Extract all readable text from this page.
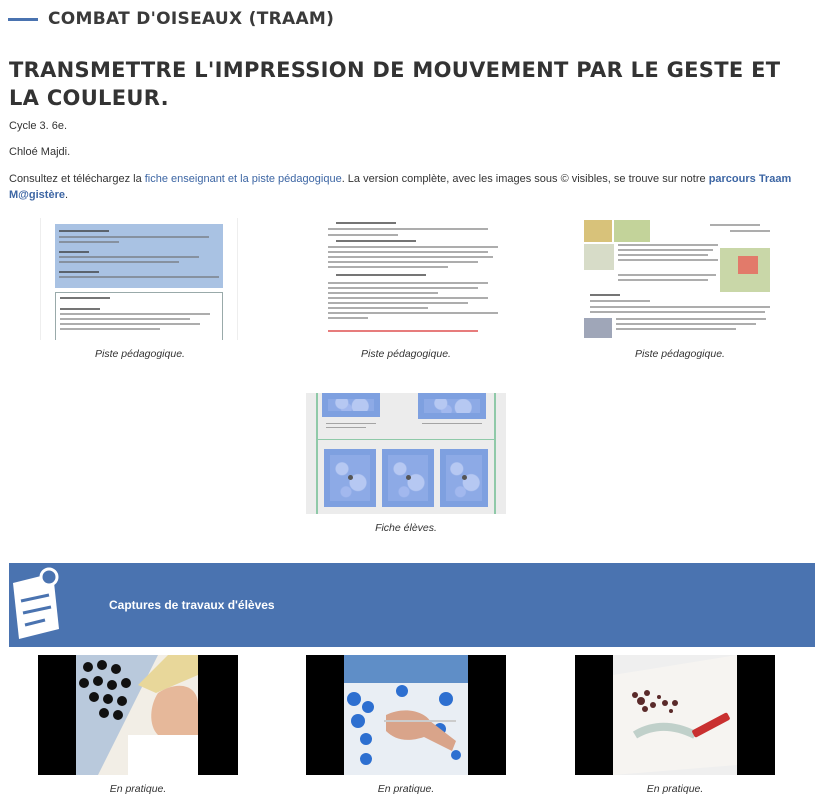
COMBAT D'OISEAUX (TRAAM)
TRANSMETTRE L'IMPRESSION DE MOUVEMENT PAR LE GESTE ET LA COULEUR.

Cycle 3. 6e.

Chloé Majdi.

Consultez et téléchargez la fiche enseignant et la piste pédagogique. La version complète, avec les images sous © visibles, se trouve sur notre parcours Traam M@gistère.

Piste pédagogique.	Piste pédagogique.	Piste pédagogique.

Fiche élèves.

Captures de travaux d'élèves

En pratique.	En pratique.	En pratique.
